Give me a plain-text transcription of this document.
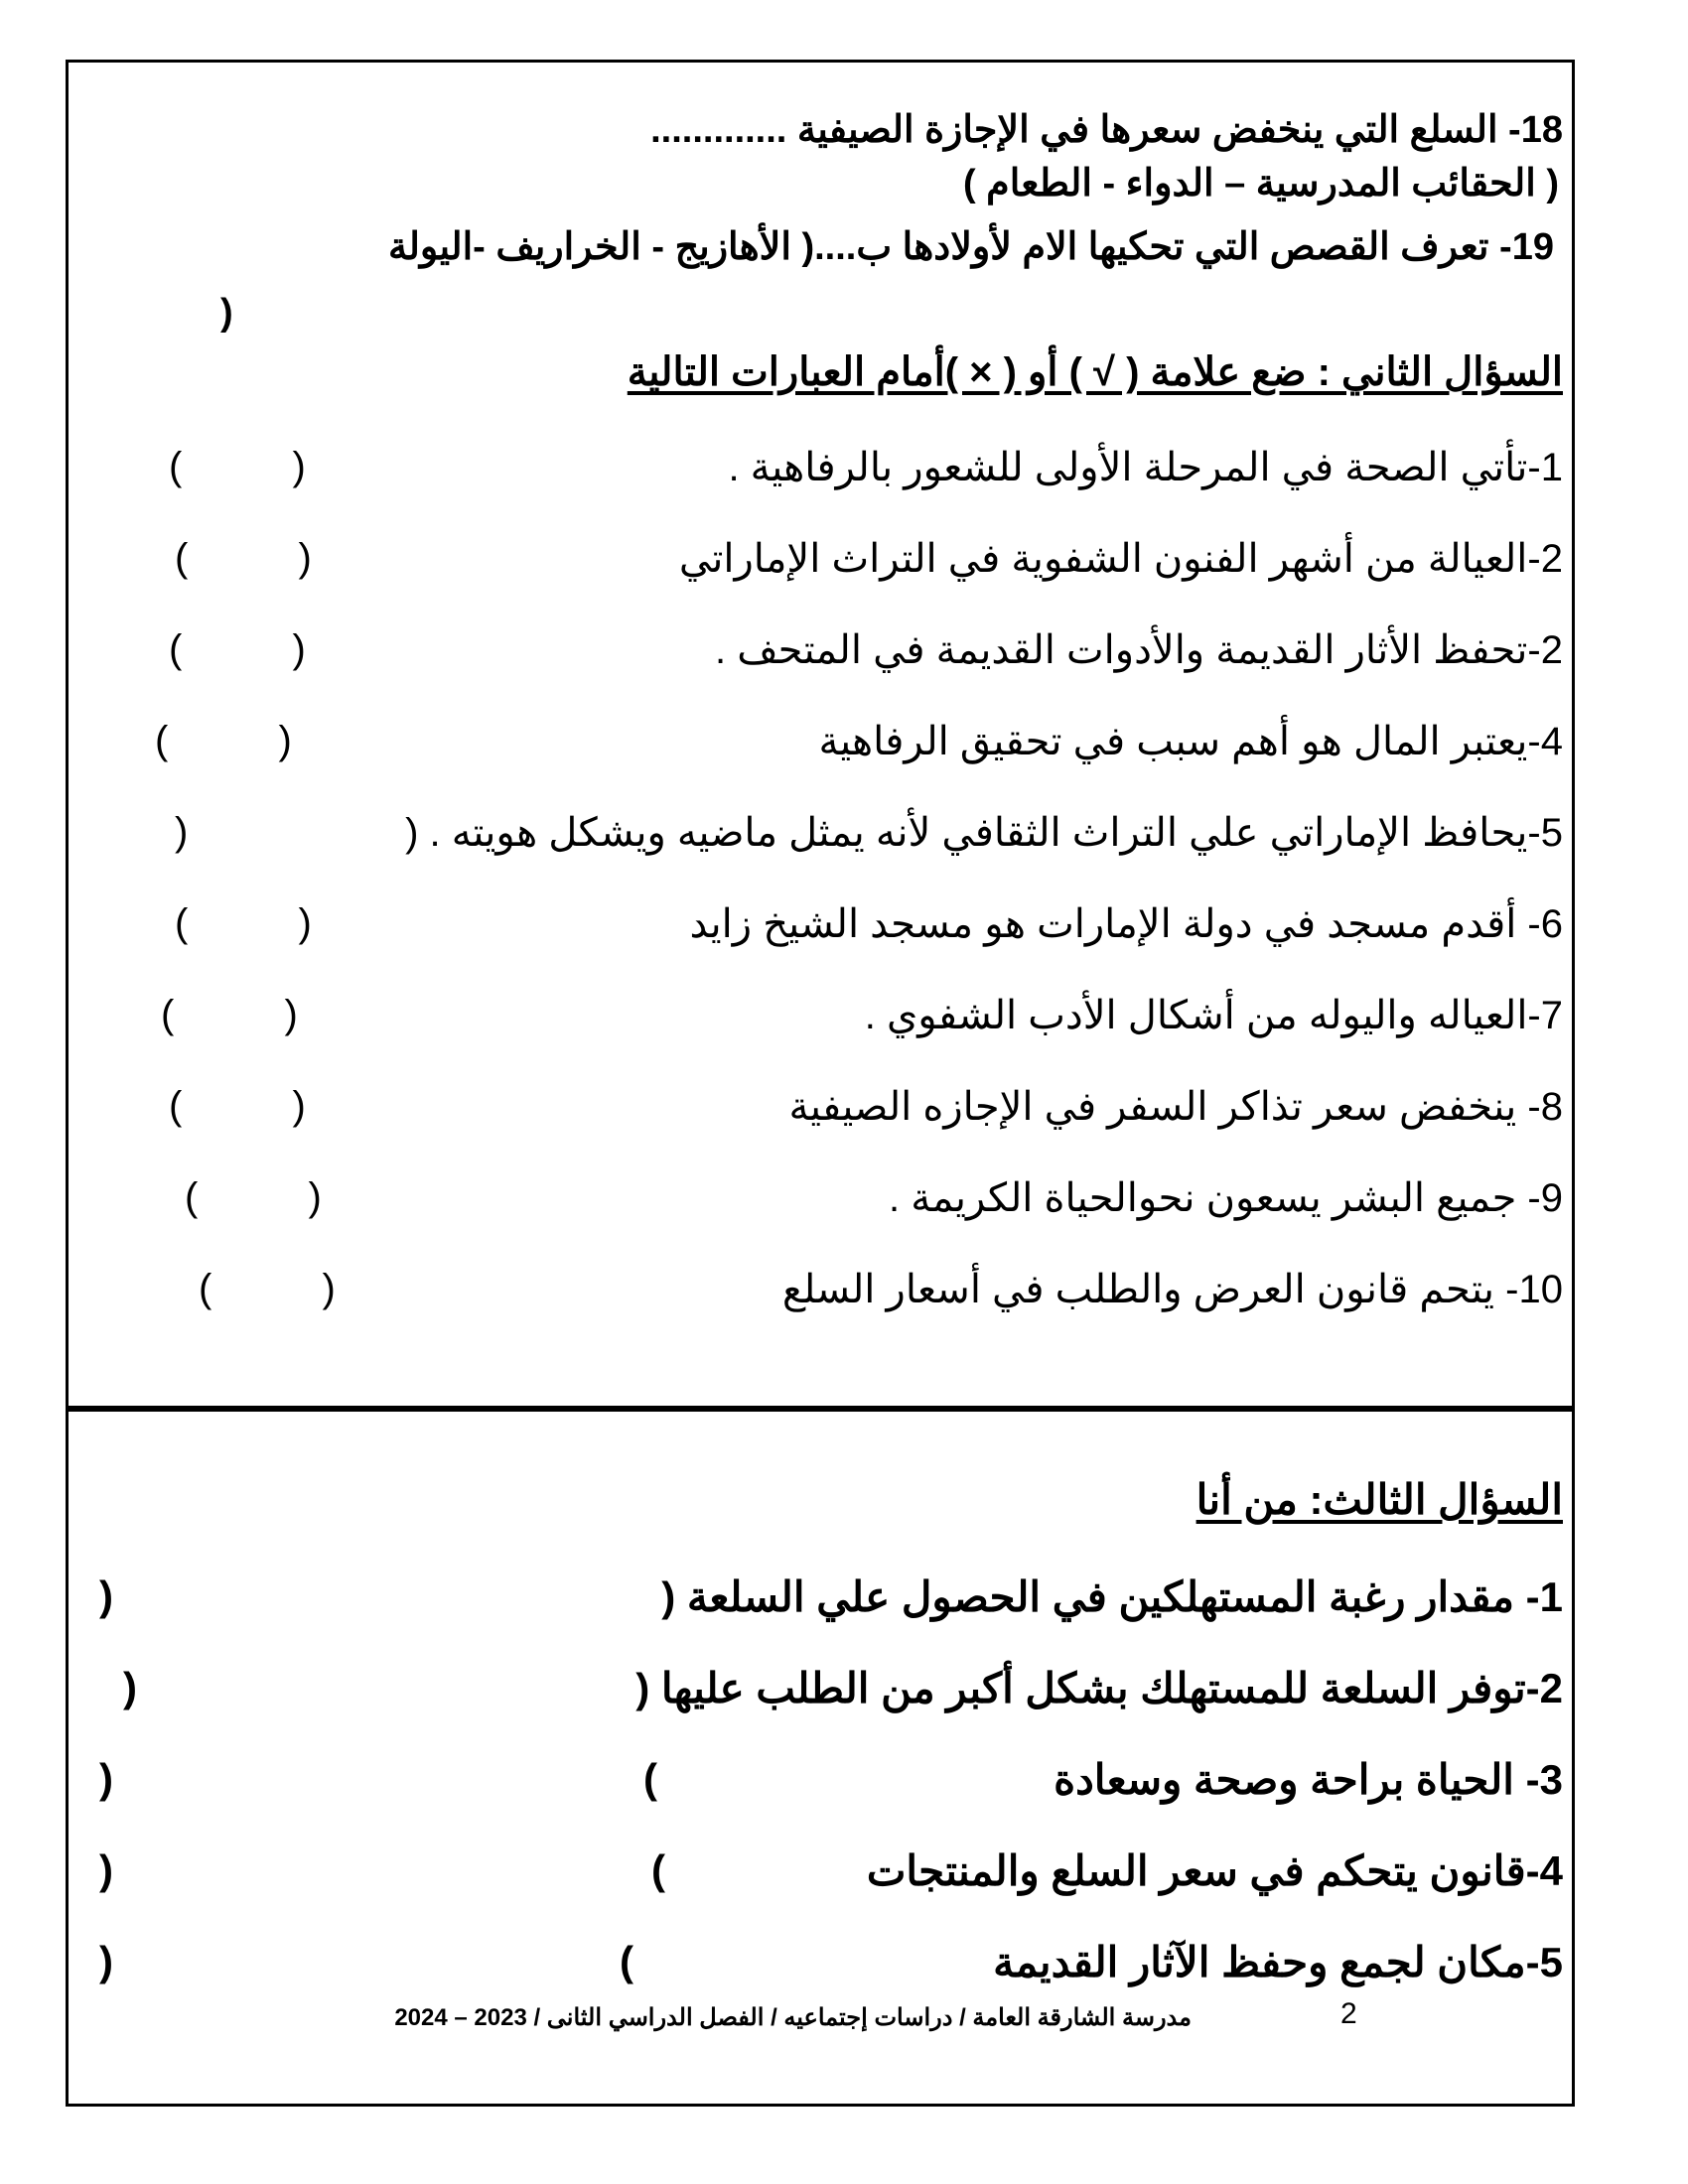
18- السلع التي ينخفض سعرها في الإجازة الصيفية .............
( الحقائب المدرسية – الدواء - الطعام )
19- تعرف القصص التي تحكيها الام لأولادها ب....( الأهازيج - الخراريف -اليولة
)
السؤال الثاني : ضع علامة ( √ ) أو ( × )أمام العبارات التالية
1-تأتي الصحة في المرحلة الأولى للشعور بالرفاهية .
(          )
2-العيالة من أشهر الفنون الشفوية في التراث الإماراتي
(          )
2-تحفظ الأثار القديمة والأدوات القديمة في المتحف .
(          )
4-يعتبر المال هو أهم سبب في تحقيق الرفاهية
(          )
5-يحافظ الإماراتي علي التراث الثقافي لأنه يمثل ماضيه ويشكل هويته . (
)
6- أقدم مسجد في دولة الإمارات هو مسجد الشيخ زايد
(          )
7-العياله واليوله من أشكال الأدب الشفوي .
(          )
8- ينخفض سعر تذاكر السفر في الإجازه الصيفية
(          )
9- جميع البشر يسعون نحوالحياة الكريمة .
(          )
10- يتحم قانون العرض والطلب في أسعار السلع
(          )
السؤال الثالث: من أنا
1- مقدار رغبة المستهلكين في الحصول علي السلعة (
)
2-توفر السلعة للمستهلك بشكل أكبر من الطلب عليها (
)
3- الحياة براحة وصحة وسعادة
(
)
4-قانون يتحكم في سعر السلع والمنتجات
(
)
5-مكان لجمع وحفظ الآثار القديمة
(
)
2
مدرسة الشارقة العامة / دراسات إجتماعيه / الفصل الدراسي الثانى / 2023 – 2024
